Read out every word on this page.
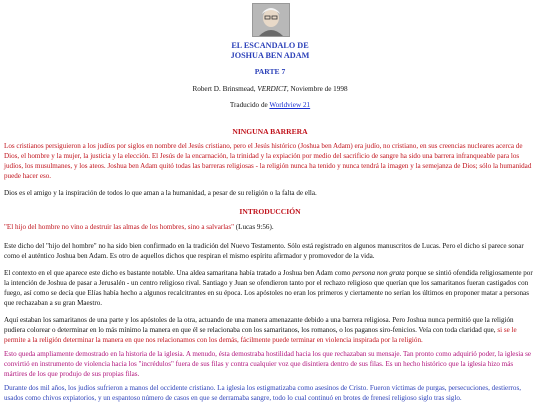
EL ESCANDALO DE
JOSHUA BEN ADAM
PARTE 7
Robert D. Brinsmead, VERDICT, Noviembre de 1998
Traducido de Worldview 21
NINGUNA BARRERA

Los cristianos persiguieron a los judíos por siglos en nombre del Jesús cristiano, pero el Jesús histórico (Joshua ben Adam) era judío, no cristiano, en sus creencias nucleares acerca de Dios, el hombre y la mujer, la justicia y la elección. El Jesús de la encarnación, la trinidad y la expiación por medio del sacrificio de sangre ha sido una barrera infranqueable para los judíos, los musulmanes, y los ateos. Joshua ben Adam quitó todas las barreras religiosas - la religión nunca ha tenido y nunca tendrá la imagen y la semejanza de Dios; sólo la humanidad puede hacer eso.

Dios es el amigo y la inspiración de todos lo que aman a la humanidad, a pesar de su religión o la falta de ella.

INTRODUCCIÓN

"El hijo del hombre no vino a destruir las almas de los hombres, sino a salvarlas" (Lucas 9:56).

Este dicho del "hijo del hombre" no ha sido bien confirmado en la tradición del Nuevo Testamento. Sólo está registrado en algunos manuscritos de Lucas. Pero el dicho sí parece sonar como el auténtico Joshua ben Adam. Es otro de aquellos dichos que respiran el mismo espíritu afirmador y promovedor de la vida.

El contexto en el que aparece este dicho es bastante notable. Una aldea samaritana había tratado a Joshua ben Adam como persona non grata porque se sintió ofendida religiosamente por la intención de Joshua de pasar a Jerusalén - un centro religioso rival. Santiago y Juan se ofendieron tanto por el rechazo religioso que querían que los samaritanos fueran castigados con fuego, así como se decía que Elías había hecho a algunos recalcitrantes en su época. Los apóstoles no eran los primeros y ciertamente no serían los últimos en proponer matar a personas que rechazaban a su gran Maestro.

Aquí estaban los samaritanos de una parte y los apóstoles de la otra, actuando de una manera amenazante debido a una barrera religiosa. Pero Joshua nunca permitió que la religión pudiera colorear o determinar en lo más mínimo la manera en que él se relacionaba con los samaritanos, los romanos, o los paganos siro-fenicios. Veía con toda claridad que, si se le permite a la religión determinar la manera en que nos relacionamos con los demás, fácilmente puede terminar en violencia inspirada por la religión.

Esto queda ampliamente demostrado en la historia de la iglesia. A menudo, ésta demostraba hostilidad hacia los que rechazaban su mensaje. Tan pronto como adquirió poder, la iglesia se convirtió en instrumento de violencia hacia los "incrédulos" fuera de sus filas y contra cualquier voz que disintiera dentro de sus filas. Es un hecho histórico que la iglesia hizo más mártires de los que produjo de sus propias filas.

Durante dos mil años, los judíos sufrieron a manos del occidente cristiano. La iglesia los estigmatizaba como asesinos de Cristo. Fueron víctimas de purgas, persecuciones, destierros, usados como chivos expiatorios, y un espantoso número de casos en que se derramaba sangre, todo lo cual continuó en brotes de frenesí religioso siglo tras siglo.
